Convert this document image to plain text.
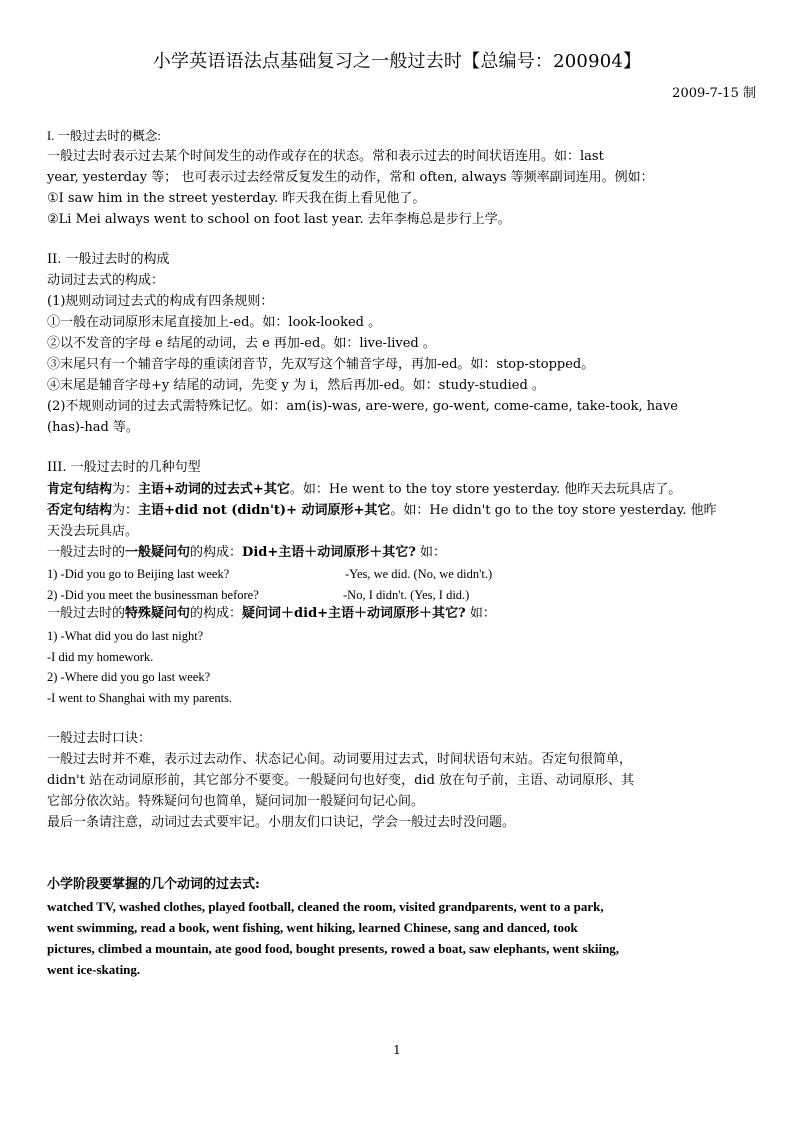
小学英语语法点基础复习之一般过去时【总编号：200904】
2009-7-15 制
I. 一般过去时的概念:
一般过去时表示过去某个时间发生的动作或存在的状态。常和表示过去的时间状语连用。如：last
year, yesterday 等； 也可表示过去经常反复发生的动作，常和 often, always 等频率副词连用。例如：
①I saw him in the street yesterday. 昨天我在街上看见他了。
②Li Mei always went to school on foot last year. 去年李梅总是步行上学。
II. 一般过去时的构成
动词过去式的构成：
(1)规则动词过去式的构成有四条规则：
①一般在动词原形末尾直接加上-ed。如：look-looked 。
②以不发音的字母 e 结尾的动词，去 e 再加-ed。如：live-lived 。
③末尾只有一个辅音字母的重读闭音节，先双写这个辅音字母，再加-ed。如：stop-stopped。
④末尾是辅音字母+y 结尾的动词，先变 y 为 i，然后再加-ed。如：study-studied 。
(2)不规则动词的过去式需特殊记忆。如：am(is)-was, are-were, go-went, come-came, take-took, have
(has)-had 等。
III. 一般过去时的几种句型
肯定句结构为：主语+动词的过去式+其它。如：He went to the toy store yesterday. 他昨天去玩具店了。
否定句结构为：主语+did not (didn't)+ 动词原形+其它。如：He didn't go to the toy store yesterday. 他昨
天没去玩具店。
一般过去时的一般疑问句的构成：Did+主语＋动词原形＋其它? 如：
1) -Did you go to Beijing last week?	-Yes, we did. (No, we didn't.)
2) -Did you meet the businessman before?	-No, I didn't. (Yes, I did.)
一般过去时的特殊疑问句的构成：疑问词＋did+主语＋动词原形＋其它? 如：
1) -What did you do last night?
-I did my homework.
2) -Where did you go last week?
-I went to Shanghai with my parents.
一般过去时口诀：
一般过去时并不难，表示过去动作、状态记心间。动词要用过去式，时间状语句末站。否定句很简单，
didn't 站在动词原形前，其它部分不要变。一般疑问句也好变，did 放在句子前，主语、动词原形、其
它部分依次站。特殊疑问句也简单，疑问词加一般疑问句记心间。
最后一条请注意，动词过去式要牢记。小朋友们口诀记，学会一般过去时没问题。
小学阶段要掌握的几个动词的过去式:
watched TV, washed clothes, played football, cleaned the room, visited grandparents, went to a park,
went swimming, read a book, went fishing, went hiking, learned Chinese, sang and danced, took
pictures, climbed a mountain, ate good food, bought presents, rowed a boat, saw elephants, went skiing,
went ice-skating.
1
